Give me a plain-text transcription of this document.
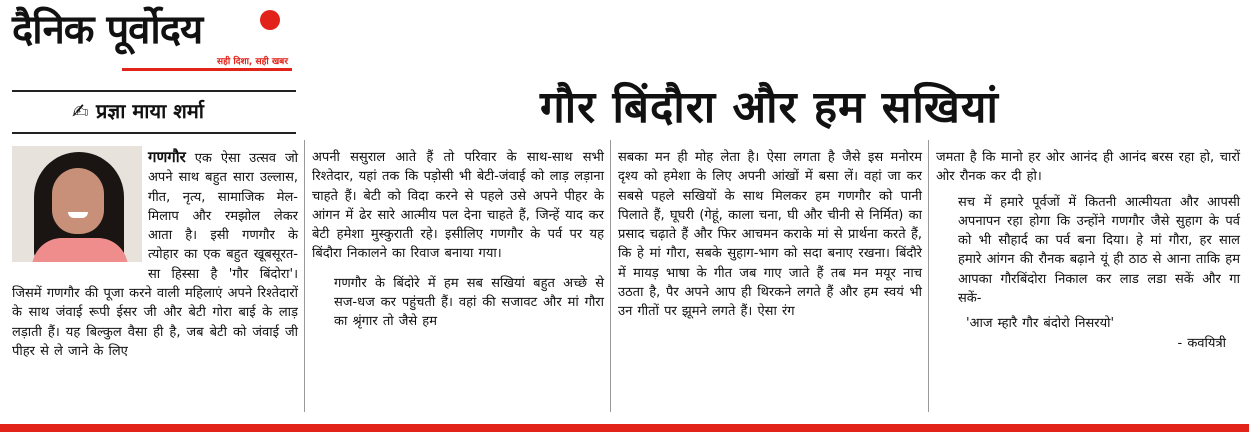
दैनिक पूर्वोदय
सही दिशा, सही खबर
✍ प्रज्ञा माया शर्मा	गौर बिंदौरा और हम सखियां

गणगौर एक ऐसा उत्सव जो अपने साथ बहुत सारा उल्लास, गीत, नृत्य, सामाजिक मेल-मिलाप और रमझोल लेकर आता है। इसी गणगौर के त्योहार का एक बहुत खूबसूरत-सा हिस्सा है 'गौर बिंदोरा'। जिसमें गणगौर की पूजा करने वाली महिलाएं अपने रिश्तेदारों के साथ जंवाई रूपी ईसर जी और बेटी गोरा बाई के लाड़ लड़ाती हैं। यह बिल्कुल वैसा ही है, जब बेटी को जंवाई जी पीहर से ले जाने के लिए

अपनी ससुराल आते हैं तो परिवार के साथ-साथ सभी रिश्तेदार, यहां तक कि पड़ोसी भी बेटी-जंवाई को लाड़ लड़ाना चाहते हैं। बेटी को विदा करने से पहले उसे अपने पीहर के आंगन में ढेर सारे आत्मीय पल देना चाहते हैं, जिन्हें याद कर बेटी हमेशा मुस्कुराती रहे। इसीलिए गणगौर के पर्व पर यह बिंदौरा निकालने का रिवाज बनाया गया।

गणगौर के बिंदोरे में हम सब सखियां बहुत अच्छे से सज-धज कर पहुंचती हैं। वहां की सजावट और मां गौरा का श्रृंगार तो जैसे हम

सबका मन ही मोह लेता है। ऐसा लगता है जैसे इस मनोरम दृश्य को हमेशा के लिए अपनी आंखों में बसा लें। वहां जा कर सबसे पहले सखियों के साथ मिलकर हम गणगौर को पानी पिलाते हैं, घूघरी (गेहूं, काला चना, घी और चीनी से निर्मित) का प्रसाद चढ़ाते हैं और फिर आचमन कराके मां से प्रार्थना करते हैं, कि हे मां गौरा, सबके सुहाग-भाग को सदा बनाए रखना। बिंदौरे में मायड़ भाषा के गीत जब गाए जाते हैं तब मन मयूर नाच उठता है, पैर अपने आप ही थिरकने लगते हैं और हम स्वयं भी उन गीतों पर झूमने लगते हैं। ऐसा रंग

जमता है कि मानो हर ओर आनंद ही आनंद बरस रहा हो, चारों ओर रौनक कर दी हो।

सच में हमारे पूर्वजों में कितनी आत्मीयता और आपसी अपनापन रहा होगा कि उन्होंने गणगौर जैसे सुहाग के पर्व को भी सौहार्द का पर्व बना दिया। हे मां गौरा, हर साल हमारे आंगन की रौनक बढ़ाने यूं ही ठाठ से आना ताकि हम आपका गौरबिंदोरा निकाल कर लाड लडा सकें और गा सकें-

'आज म्हारै गौर बंदोरो निसरयो'

- कवयित्री
